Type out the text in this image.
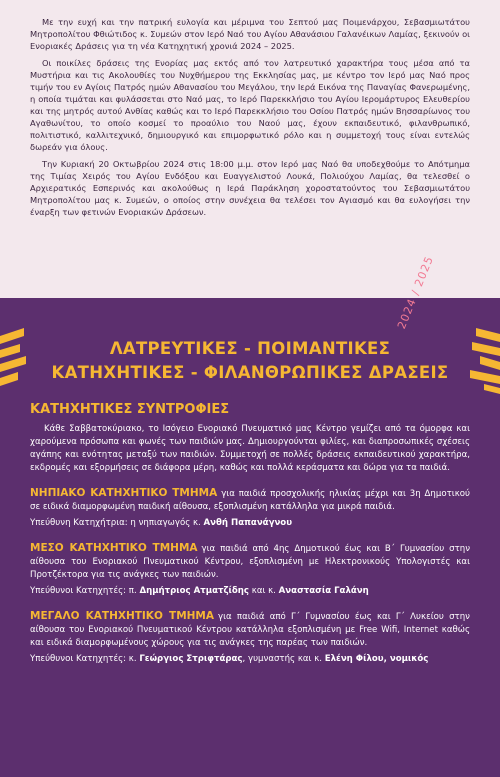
Με την ευχή και την πατρική ευλογία και μέριμνα του Σεπτού μας Ποιμενάρχου, Σεβασμιωτάτου Μητροπολίτου Φθιώτιδος κ. Συμεών στον Ιερό Ναό του Αγίου Αθανάσιου Γαλανέικων Λαμίας, ξεκινούν οι Ενοριακές Δράσεις για τη νέα Κατηχητική χρονιά 2024 – 2025.

Οι ποικίλες δράσεις της Ενορίας μας εκτός από τον λατρευτικό χαρακτήρα τους μέσα από τα Μυστήρια και τις Ακολουθίες του Νυχθήμερου της Εκκλησίας μας, με κέντρο τον Ιερό μας Ναό προς τιμήν του εν Αγίοις Πατρός ημών Αθανασίου του Μεγάλου, την Ιερά Εικόνα της Παναγίας Φανερωμένης, η οποία τιμάται και φυλάσσεται στο Ναό μας, το Ιερό Παρεκκλήσιο του Αγίου Ιερομάρτυρος Ελευθερίου και της μητρός αυτού Ανθίας καθώς και το Ιερό Παρεκκλήσιο του Οσίου Πατρός ημών Βησσαρίωνος του Αγαθωνίτου, το οποίο κοσμεί το προαύλιο του Ναού μας, έχουν εκπαιδευτικό, φιλανθρωπικό, πολιτιστικό, καλλιτεχνικό, δημιουργικό και επιμορφωτικό ρόλο και η συμμετοχή τους είναι εντελώς δωρεάν για όλους.

Την Κυριακή 20 Οκτωβρίου 2024 στις 18:00 μ.μ. στον Ιερό μας Ναό θα υποδεχθούμε το Απότμημα της Τιμίας Χειρός του Αγίου Ενδόξου και Ευαγγελιστού Λουκά, Πολιούχου Λαμίας, θα τελεσθεί ο Αρχιερατικός Εσπερινός και ακολούθως η Ιερά Παράκληση χοροστατούντος του Σεβασμιωτάτου Μητροπολίτου μας κ. Συμεών, ο οποίος στην συνέχεια θα τελέσει τον Αγιασμό και θα ευλογήσει την έναρξη των φετινών Ενοριακών Δράσεων.

2024 / 2025
ΛΑΤΡΕΥΤΙΚΕΣ - ΠΟΙΜΑΝΤΙΚΕΣ
ΚΑΤΗΧΗΤΙΚΕΣ - ΦΙΛΑΝΘΡΩΠΙΚΕΣ ΔΡΑΣΕΙΣ
ΚΑΤΗΧΗΤΙΚΕΣ ΣΥΝΤΡΟΦΙΕΣ

Κάθε Σαββατοκύριακο, το Ισόγειο Ενοριακό Πνευματικό μας Κέντρο γεμίζει από τα όμορφα και χαρούμενα πρόσωπα και φωνές των παιδιών μας. Δημιουργούνται φιλίες, και διαπροσωπικές σχέσεις αγάπης και ενότητας μεταξύ των παιδιών. Συμμετοχή σε πολλές δράσεις εκπαιδευτικού χαρακτήρα, εκδρομές και εξορμήσεις σε διάφορα μέρη, καθώς και πολλά κεράσματα και δώρα για τα παιδιά.

ΝΗΠΙΑΚΟ ΚΑΤΗΧΗΤΙΚΟ ΤΜΗΜΑ για παιδιά προσχολικής ηλικίας μέχρι και 3η Δημοτικού σε ειδικά διαμορφωμένη παιδική αίθουσα, εξοπλισμένη κατάλληλα για μικρά παιδιά.
Υπεύθυνη Κατηχήτρια: η νηπιαγωγός κ. Ανθή Παπανάγνου
ΜΕΣΟ ΚΑΤΗΧΗΤΙΚΟ ΤΜΗΜΑ για παιδιά από 4ης Δημοτικού έως και Β΄ Γυμνασίου στην αίθουσα του Ενοριακού Πνευματικού Κέντρου, εξοπλισμένη με Ηλεκτρονικούς Υπολογιστές και Προτζέκτορα για τις ανάγκες των παιδιών.
Υπεύθυνοι Κατηχητές: π. Δημήτριος Ατματζίδης και κ. Αναστασία Γαλάνη
ΜΕΓΑΛΟ ΚΑΤΗΧΗΤΙΚΟ ΤΜΗΜΑ για παιδιά από Γ΄ Γυμνασίου έως και Γ΄ Λυκείου στην αίθουσα του Ενοριακού Πνευματικού Κέντρου κατάλληλα εξοπλισμένη με Free Wifi, Internet καθώς και ειδικά διαμορφωμένους χώρους για τις ανάγκες της παρέας των παιδιών.
Υπεύθυνοι Κατηχητές: κ. Γεώργιος Στριφτάρας, γυμναστής και κ. Ελένη Φίλου, νομικός
